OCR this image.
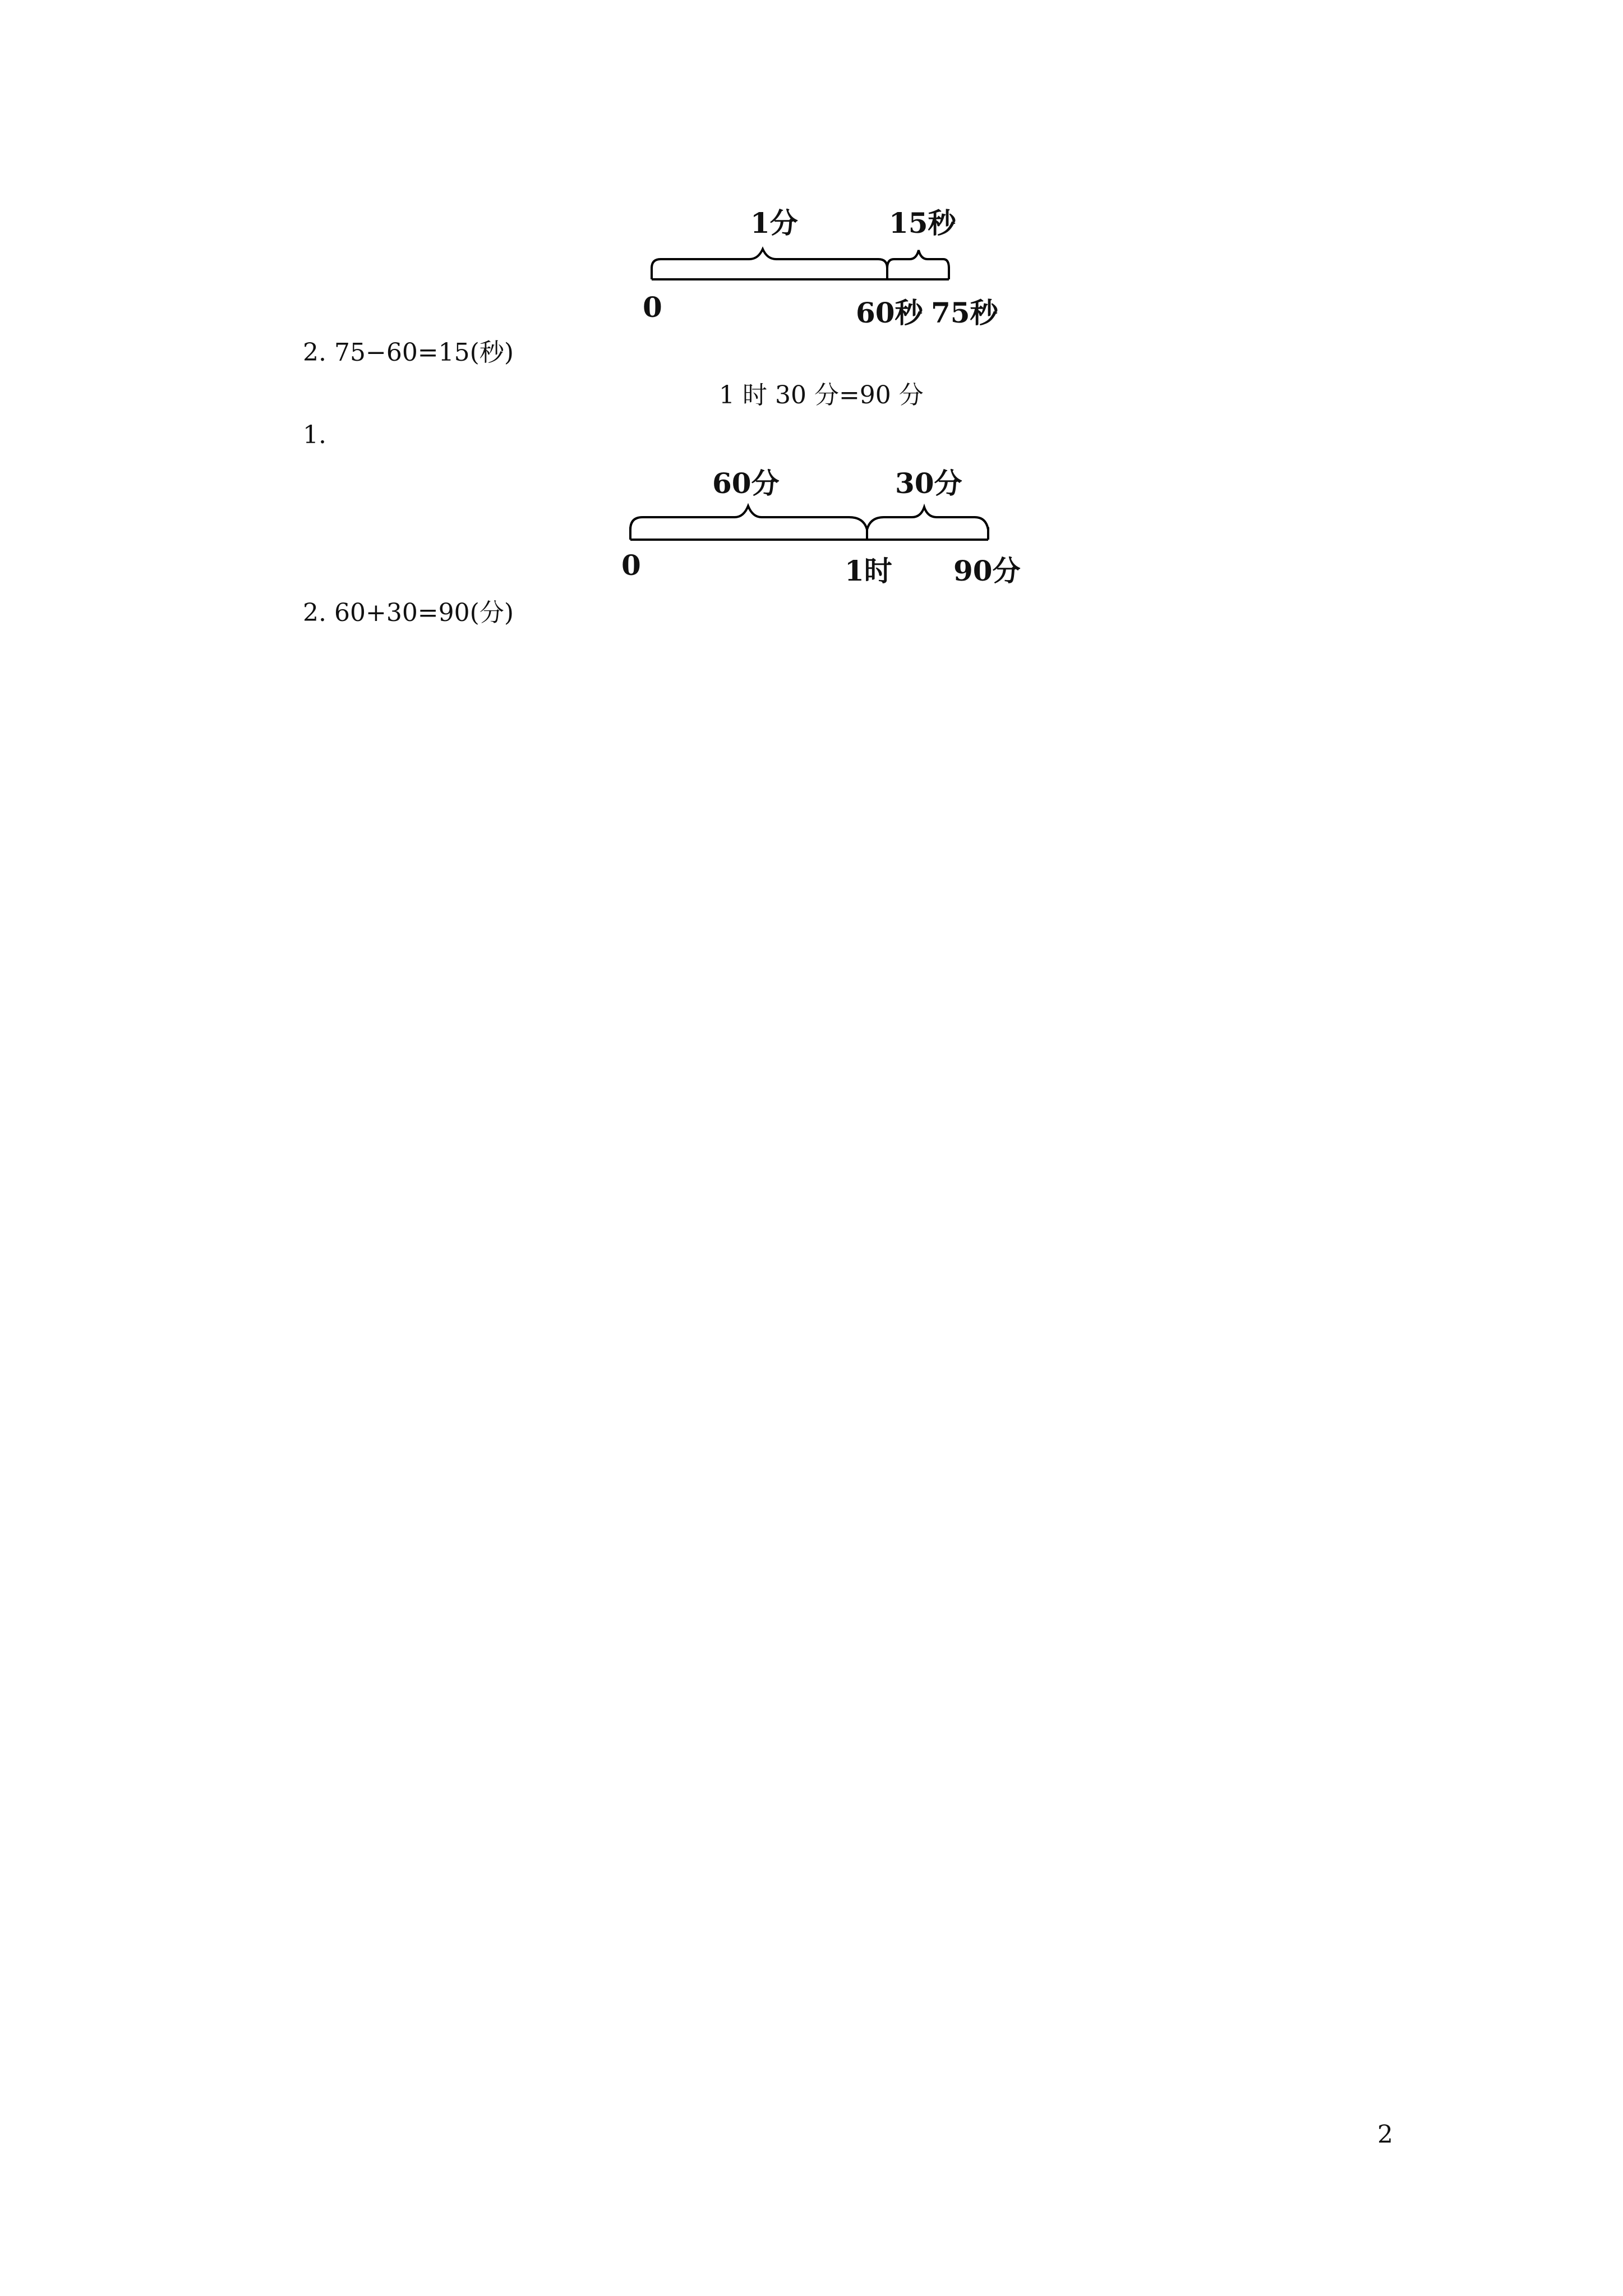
1分	15秒
0	60秒 75秒
2. 75−60=15(秒)
1 时 30 分=90 分
1.
60分	30分
0	1时 90分
2. 60+30=90(分)
2
